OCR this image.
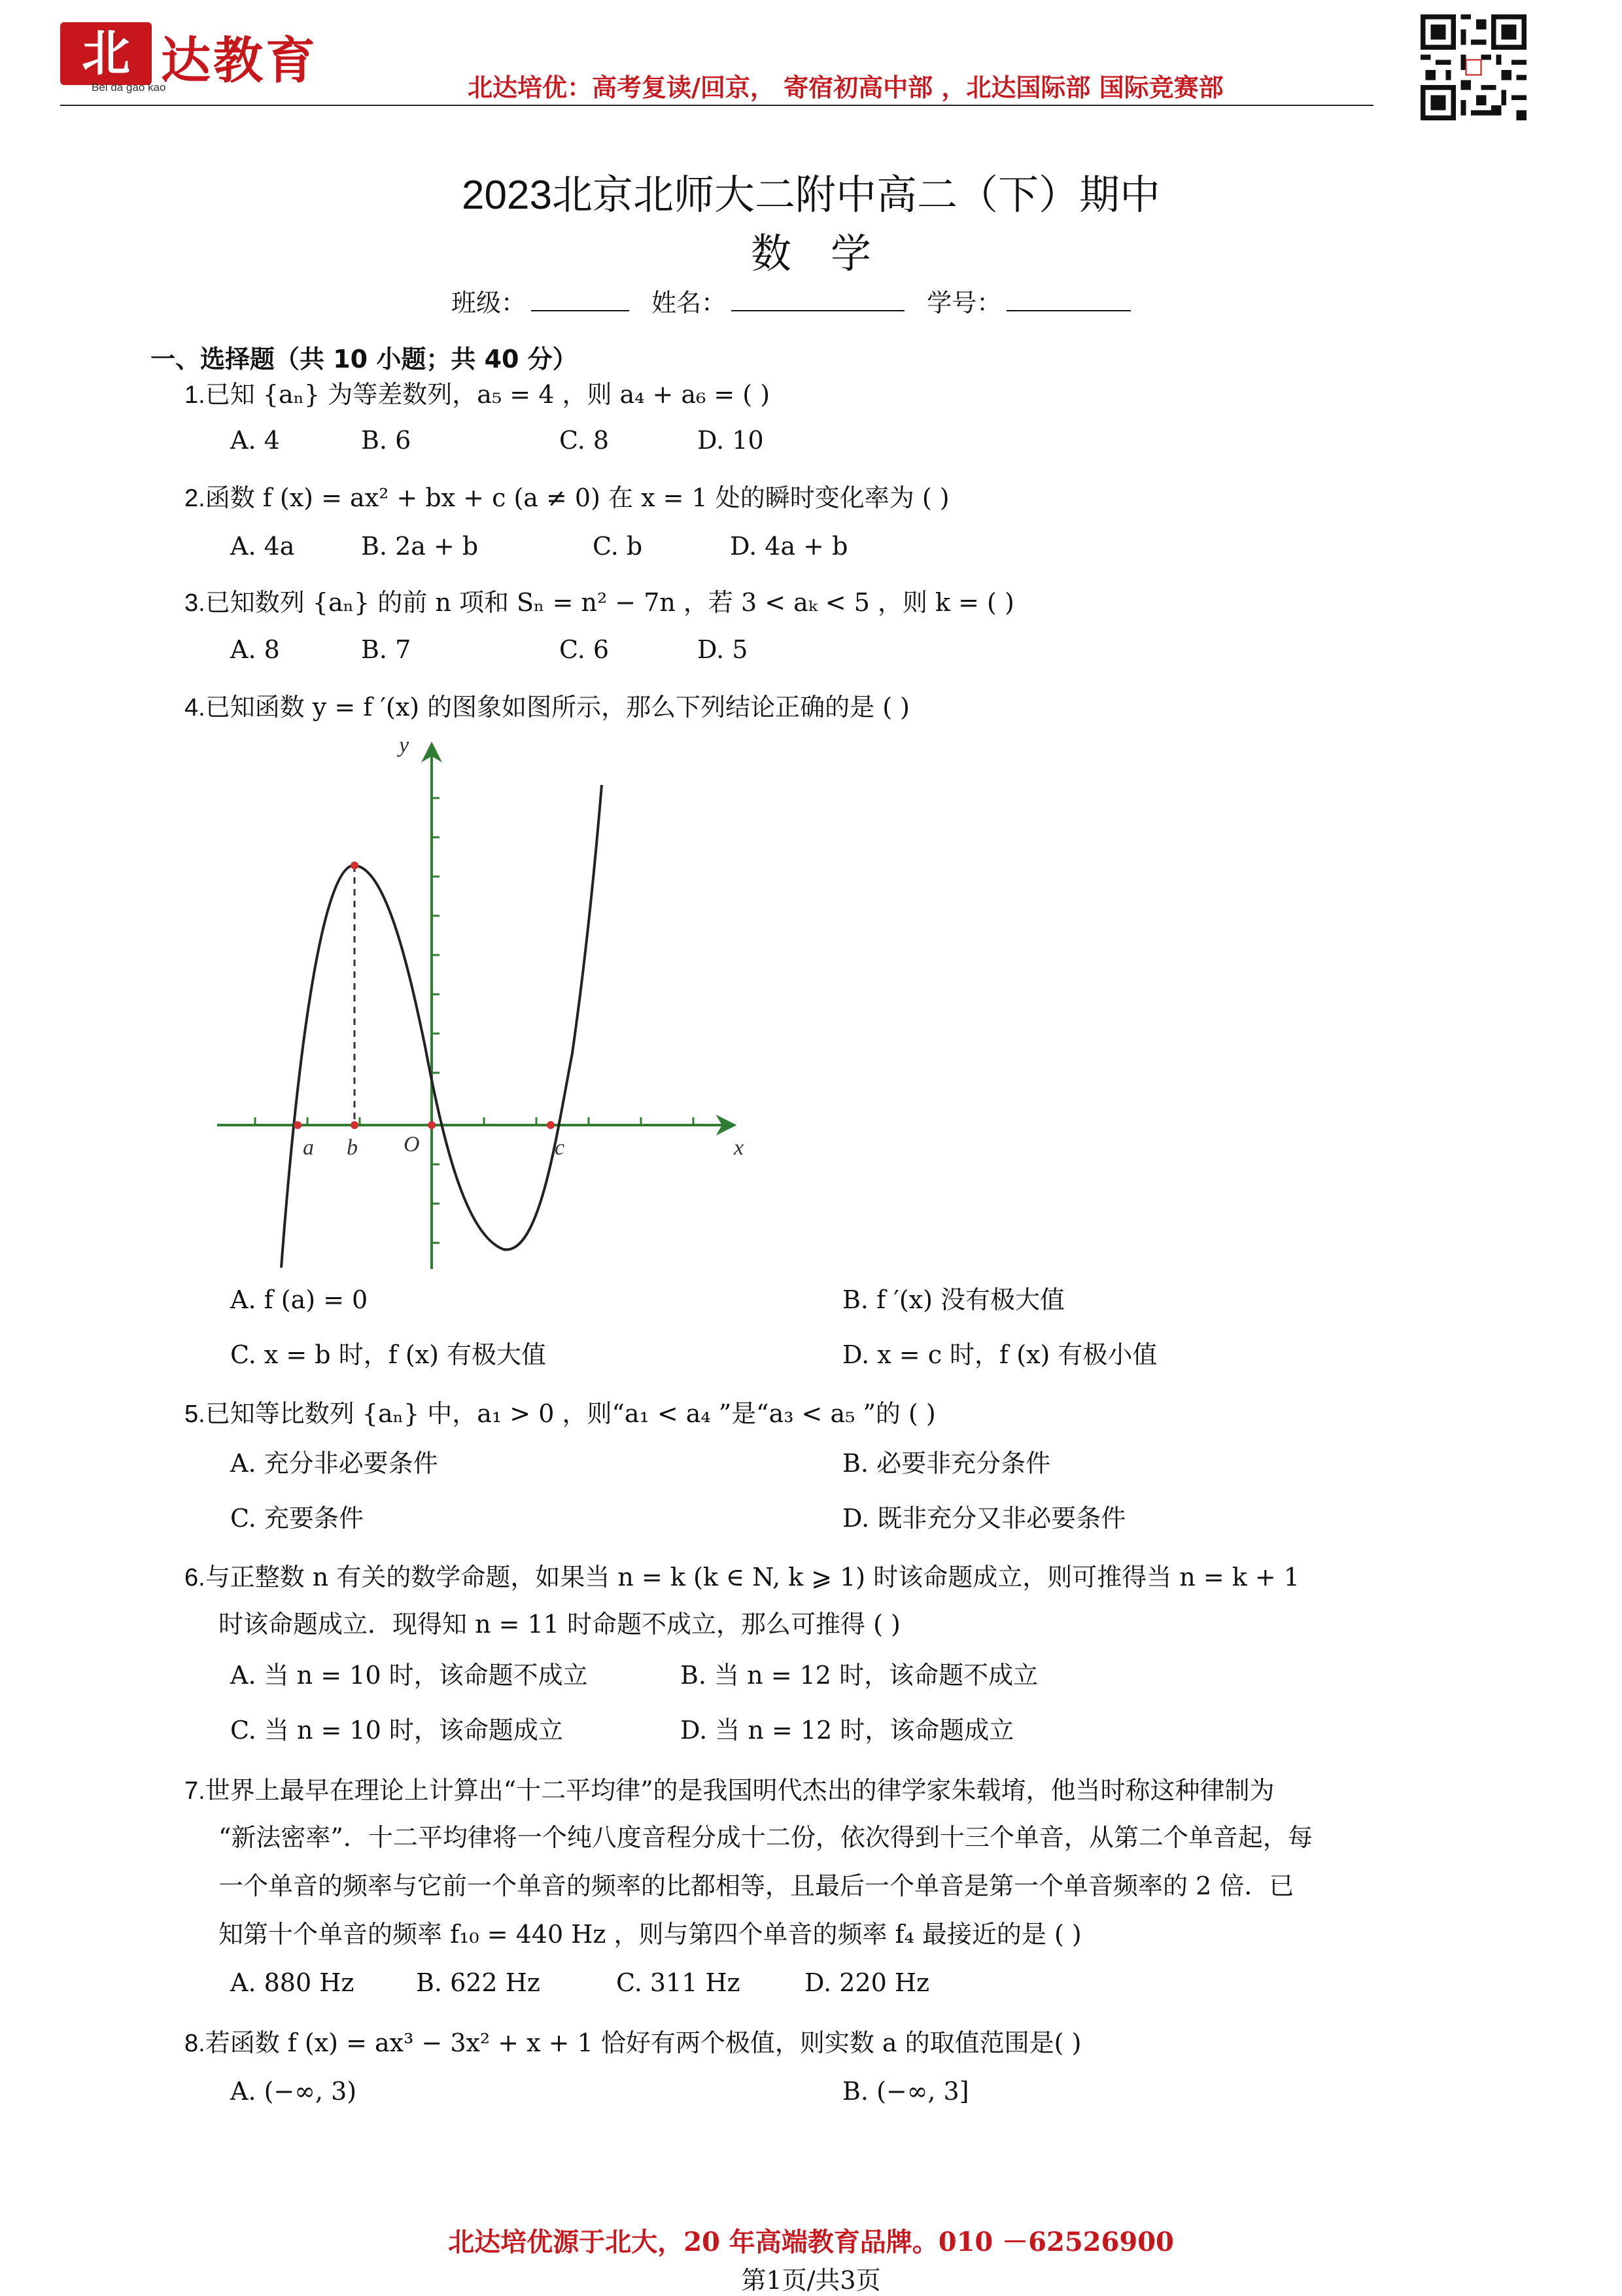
北 达教育
Bei da gao kao	北达培优：高考复读/回京， 寄宿初高中部 ，北达国际部 国际竞赛部
2023北京北师大二附中高二（下）期中
数学
班级：	姓名：	学号：
一、选择题（共 10 小题；共 40 分）
1.已知 {aₙ} 为等差数列，a₅ = 4 ，则 a₄ + a₆ = ( )
A. 4	B. 6	C. 8	D. 10
2.函数 f (x) = ax² + bx + c (a ≠ 0) 在 x = 1 处的瞬时变化率为 ( )
A. 4a	B. 2a + b	C. b	D. 4a + b
3.已知数列 {aₙ} 的前 n 项和 Sₙ = n² − 7n ，若 3 < aₖ < 5 ，则 k = ( )
A. 8	B. 7	C. 6	D. 5
4.已知函数 y = f ′(x) 的图象如图所示，那么下列结论正确的是 ( )
y
x
O
a b	c
A. f (a) = 0	B. f ′(x) 没有极大值
C. x = b 时，f (x) 有极大值	D. x = c 时，f (x) 有极小值
5.已知等比数列 {aₙ} 中，a₁ > 0 ，则“a₁ < a₄ ”是“a₃ < a₅ ”的 ( )
A. 充分非必要条件	B. 必要非充分条件
C. 充要条件	D. 既非充分又非必要条件
6.与正整数 n 有关的数学命题，如果当 n = k (k ∈ N, k ⩾ 1) 时该命题成立，则可推得当 n = k + 1
时该命题成立．现得知 n = 11 时命题不成立，那么可推得 ( )
A. 当 n = 10 时，该命题不成立	B. 当 n = 12 时，该命题不成立
C. 当 n = 10 时，该命题成立	D. 当 n = 12 时，该命题成立
7.世界上最早在理论上计算出“十二平均律”的是我国明代杰出的律学家朱载堉，他当时称这种律制为
“新法密率”．十二平均律将一个纯八度音程分成十二份，依次得到十三个单音，从第二个单音起，每
一个单音的频率与它前一个单音的频率的比都相等，且最后一个单音是第一个单音频率的 2 倍．已
知第十个单音的频率 f₁₀ = 440 Hz ，则与第四个单音的频率 f₄ 最接近的是 ( )
A. 880 Hz B. 622 Hz	C. 311 Hz	D. 220 Hz
8.若函数 f (x) = ax³ − 3x² + x + 1 恰好有两个极值，则实数 a 的取值范围是( )
A. (−∞, 3)	B. (−∞, 3]
北达培优源于北大，20 年高端教育品牌。010 －62526900
第1页/共3页
